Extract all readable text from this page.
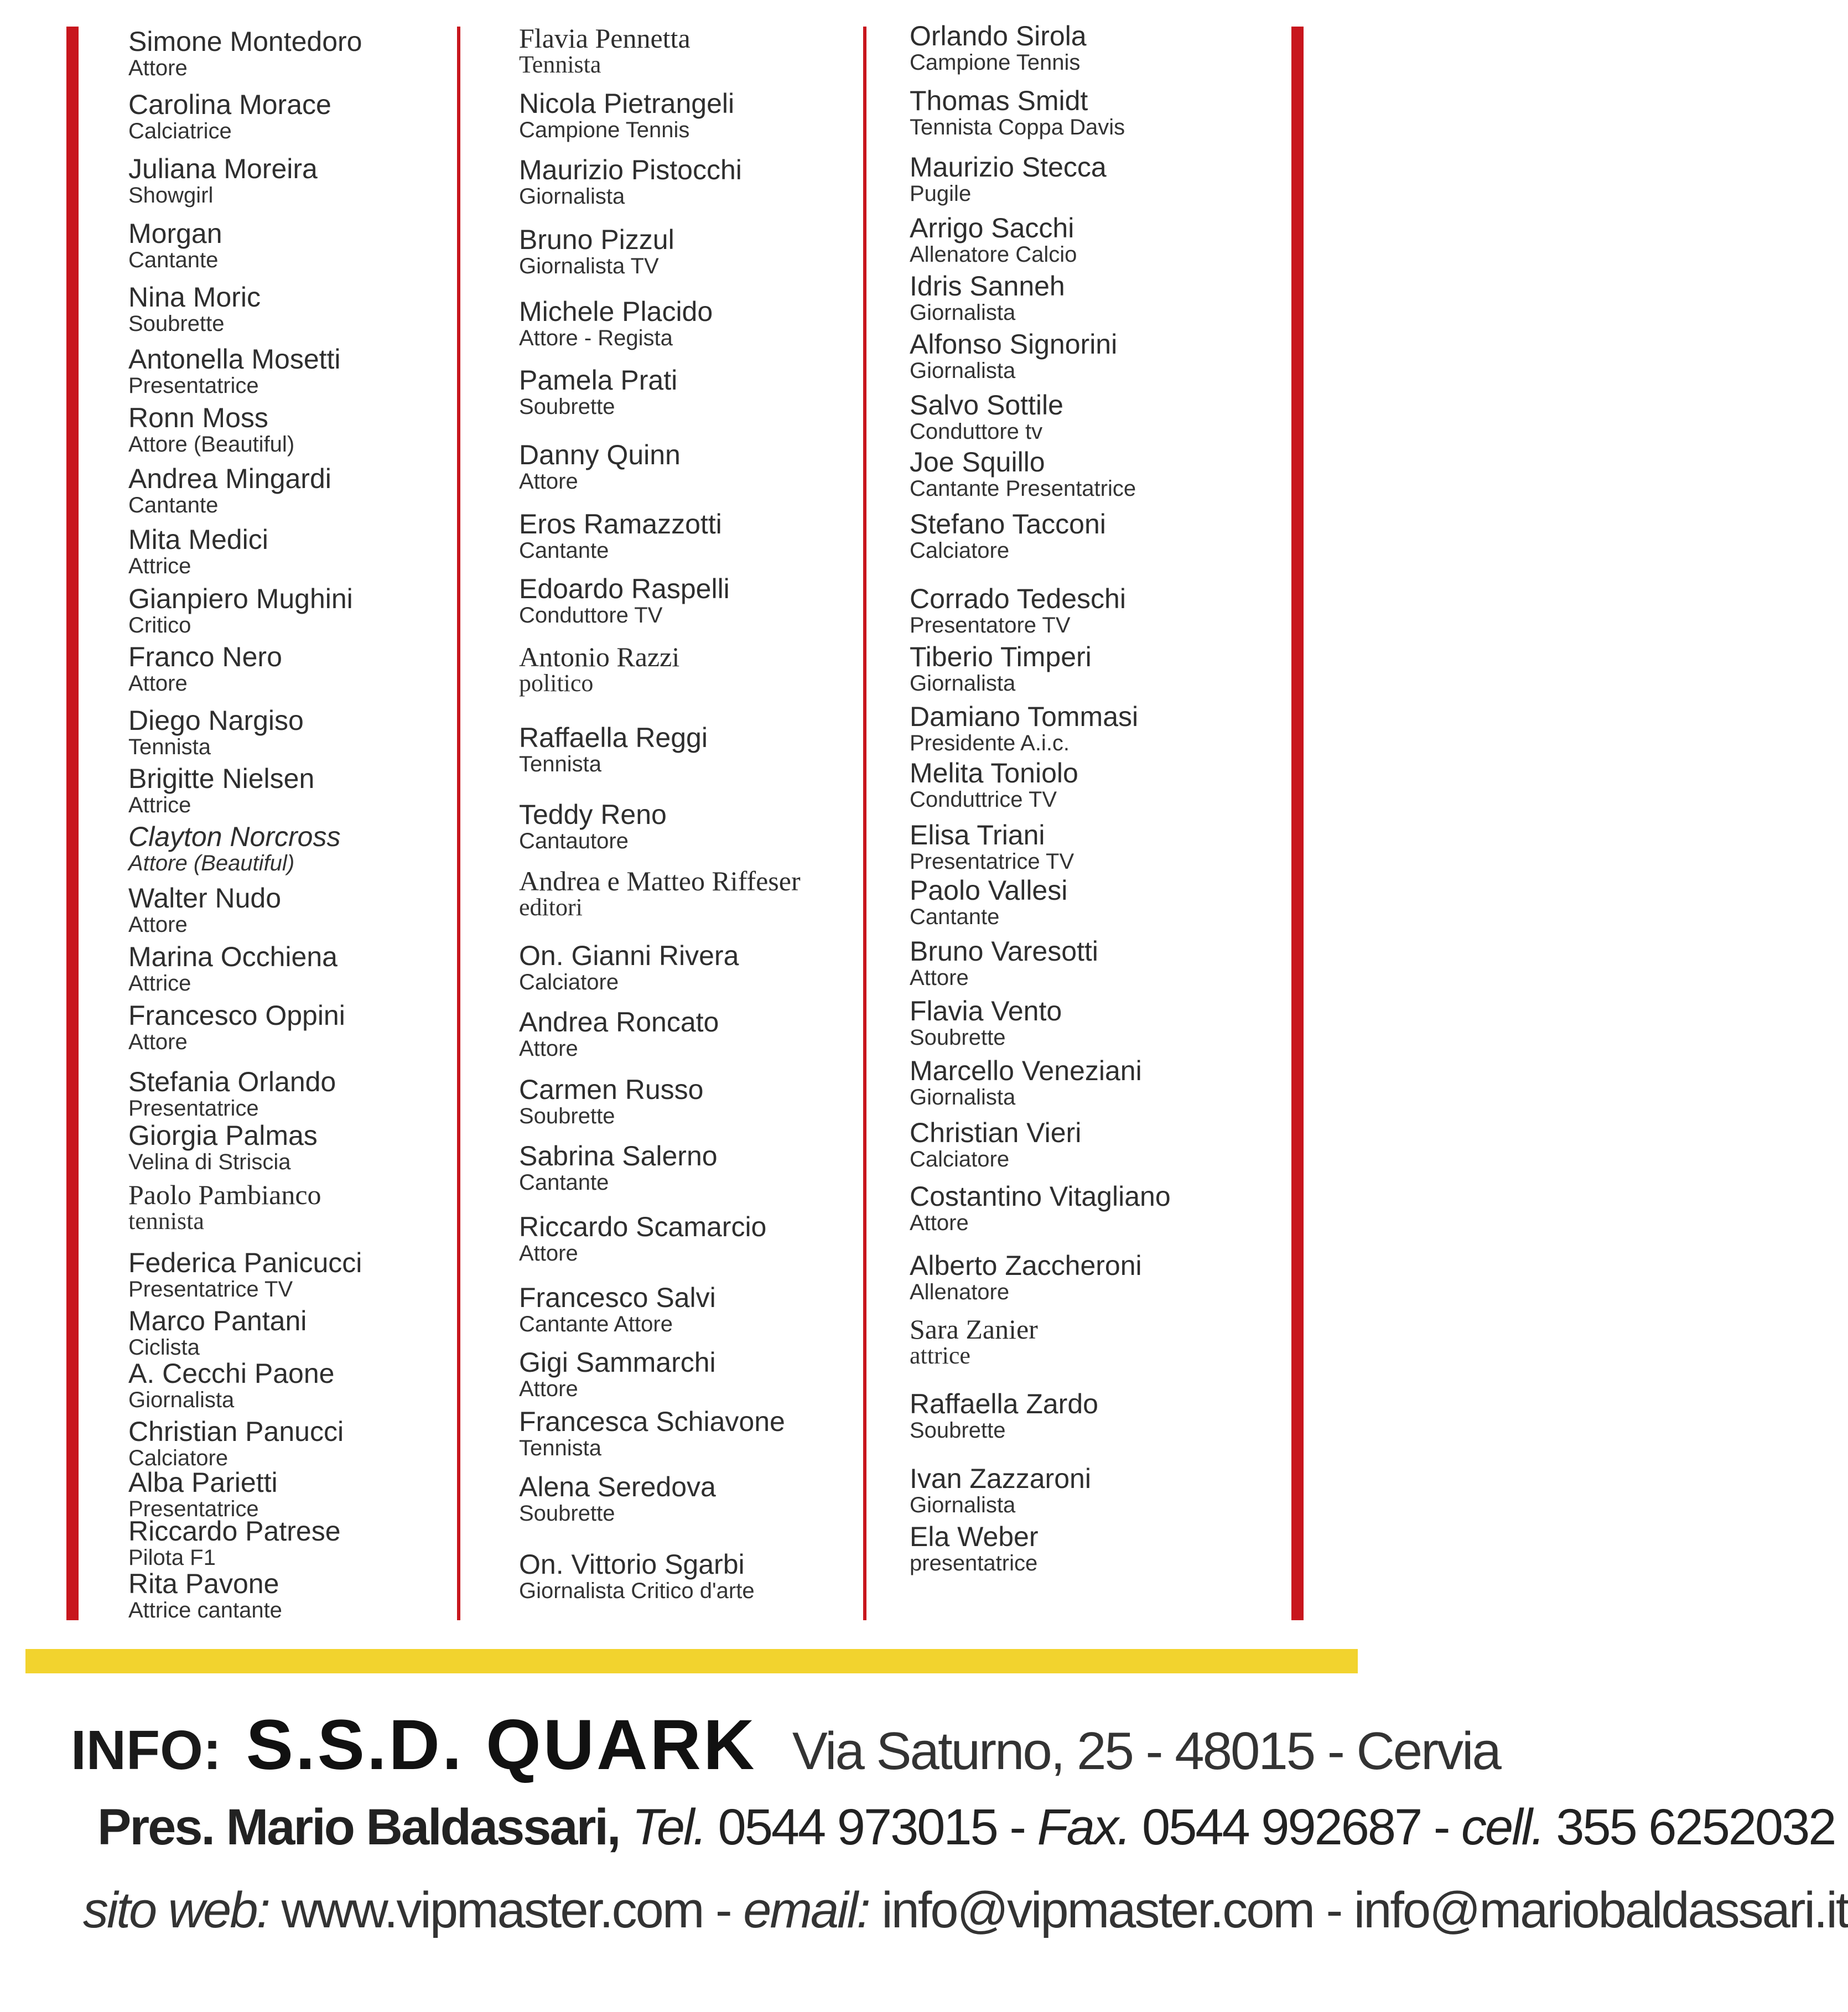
Simone Montedoro
Attore
Carolina Morace
Calciatrice
Juliana Moreira
Showgirl
Morgan
Cantante
Nina Moric
Soubrette
Antonella Mosetti
Presentatrice
Ronn Moss
Attore (Beautiful)
Andrea Mingardi
Cantante
Mita Medici
Attrice
Gianpiero Mughini
Critico
Franco Nero
Attore
Diego Nargiso
Tennista
Brigitte Nielsen
Attrice
Clayton Norcross
Attore (Beautiful)
Walter Nudo
Attore
Marina Occhiena
Attrice
Francesco Oppini
Attore
Stefania Orlando
Presentatrice
Giorgia Palmas
Velina di Striscia
Paolo Pambianco
tennista
Federica Panicucci
Presentatrice TV
Marco Pantani
Ciclista
A. Cecchi Paone
Giornalista
Christian Panucci
Calciatore
Alba Parietti
Presentatrice
Riccardo Patrese
Pilota F1
Rita Pavone
Attrice cantante
Flavia Pennetta
Tennista
Nicola Pietrangeli
Campione Tennis
Maurizio Pistocchi
Giornalista
Bruno Pizzul
Giornalista TV
Michele Placido
Attore - Regista
Pamela Prati
Soubrette
Danny Quinn
Attore
Eros Ramazzotti
Cantante
Edoardo Raspelli
Conduttore TV
Antonio Razzi
politico
Raffaella Reggi
Tennista
Teddy Reno
Cantautore
Andrea e Matteo Riffeser
editori
On. Gianni Rivera
Calciatore
Andrea Roncato
Attore
Carmen Russo
Soubrette
Sabrina Salerno
Cantante
Riccardo Scamarcio
Attore
Francesco Salvi
Cantante Attore
Gigi Sammarchi
Attore
Francesca Schiavone
Tennista
Alena Seredova
Soubrette
On. Vittorio Sgarbi
Giornalista Critico d'arte
Orlando Sirola
Campione Tennis
Thomas Smidt
Tennista Coppa Davis
Maurizio Stecca
Pugile
Arrigo Sacchi
Allenatore Calcio
Idris Sanneh
Giornalista
Alfonso Signorini
Giornalista
Salvo Sottile
Conduttore tv
Joe Squillo
Cantante Presentatrice
Stefano Tacconi
Calciatore
Corrado Tedeschi
Presentatore TV
Tiberio Timperi
Giornalista
Damiano Tommasi
Presidente A.i.c.
Melita Toniolo
Conduttrice TV
Elisa Triani
Presentatrice TV
Paolo Vallesi
Cantante
Bruno Varesotti
Attore
Flavia Vento
Soubrette
Marcello Veneziani
Giornalista
Christian Vieri
Calciatore
Costantino Vitagliano
Attore
Alberto Zaccheroni
Allenatore
Sara Zanier
attrice
Raffaella Zardo
Soubrette
Ivan Zazzaroni
Giornalista
Ela Weber
presentatrice
INFO: S.S.D. QUARK Via Saturno, 25 - 48015 - Cervia
Pres. Mario Baldassari, Tel. 0544 973015 - Fax. 0544 992687 - cell. 355 6252032
sito web: www.vipmaster.com - email: info@vipmaster.com - info@mariobaldassari.it
